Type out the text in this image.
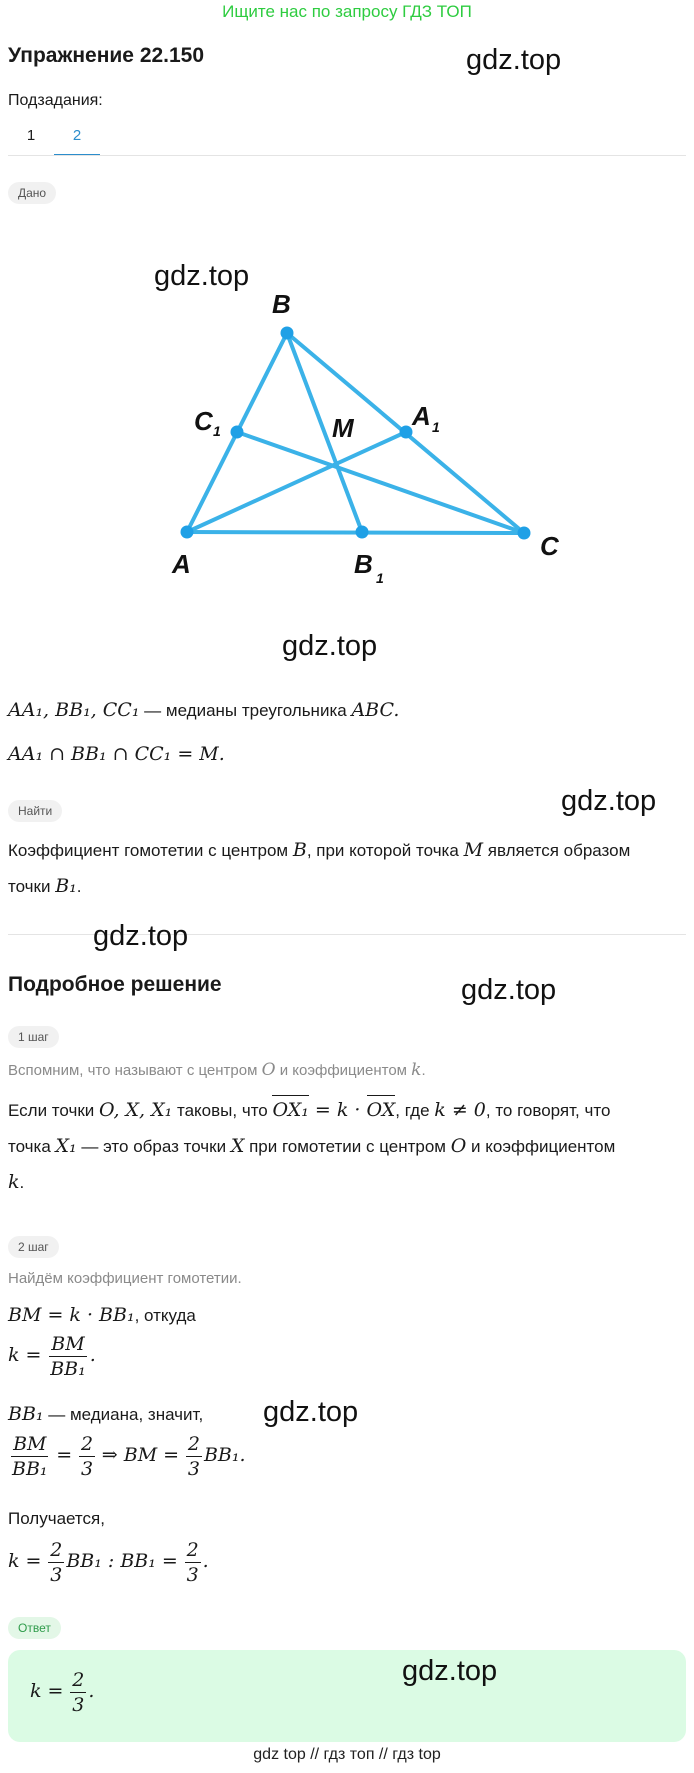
Ищите нас по запросу ГДЗ ТОП
Упражнение 22.150	gdz.top
Подзадания:
1	2
Дано
gdz.top
B
C 1	M A 1
A	B 1
C
gdz.top
AA₁, BB₁, CC₁ — медианы треугольника ABC.
AA₁ ∩ BB₁ ∩ CC₁ = M.
Найти	gdz.top
Коэффициент гомотетии с центром B, при которой точка M является образом
точки B₁.
gdz.top
Подробное решение	gdz.top
1 шаг
Вспомним, что называют с центром O и коэффициентом k.
Если точки O, X, X₁ таковы, что
OX₁ = k ·
OX, где k ≠ 0, то говорят, что
точка X₁ — это образ точки X при гомотетии с центром O и коэффициентом
k.
2 шаг
Найдём коэффициент гомотетии.
BM = k · BB₁, откуда
$k = \frac{BM}{\text{BB₁}}$ .
BB₁ — медиана, значит, gdz.top
$\frac{BM}{\text{BB₁}} = \frac{2}{3}$ ⇒ BM = $\frac{2}{3} BB_1$.
Получается,
$k = \frac{2}{3} BB_1$ : $BB_1 = \frac{2}{3}$ .
Ответ
$k = \frac{2}{3}$ .
gdz.top
gdz top // гдз топ // гдз top
